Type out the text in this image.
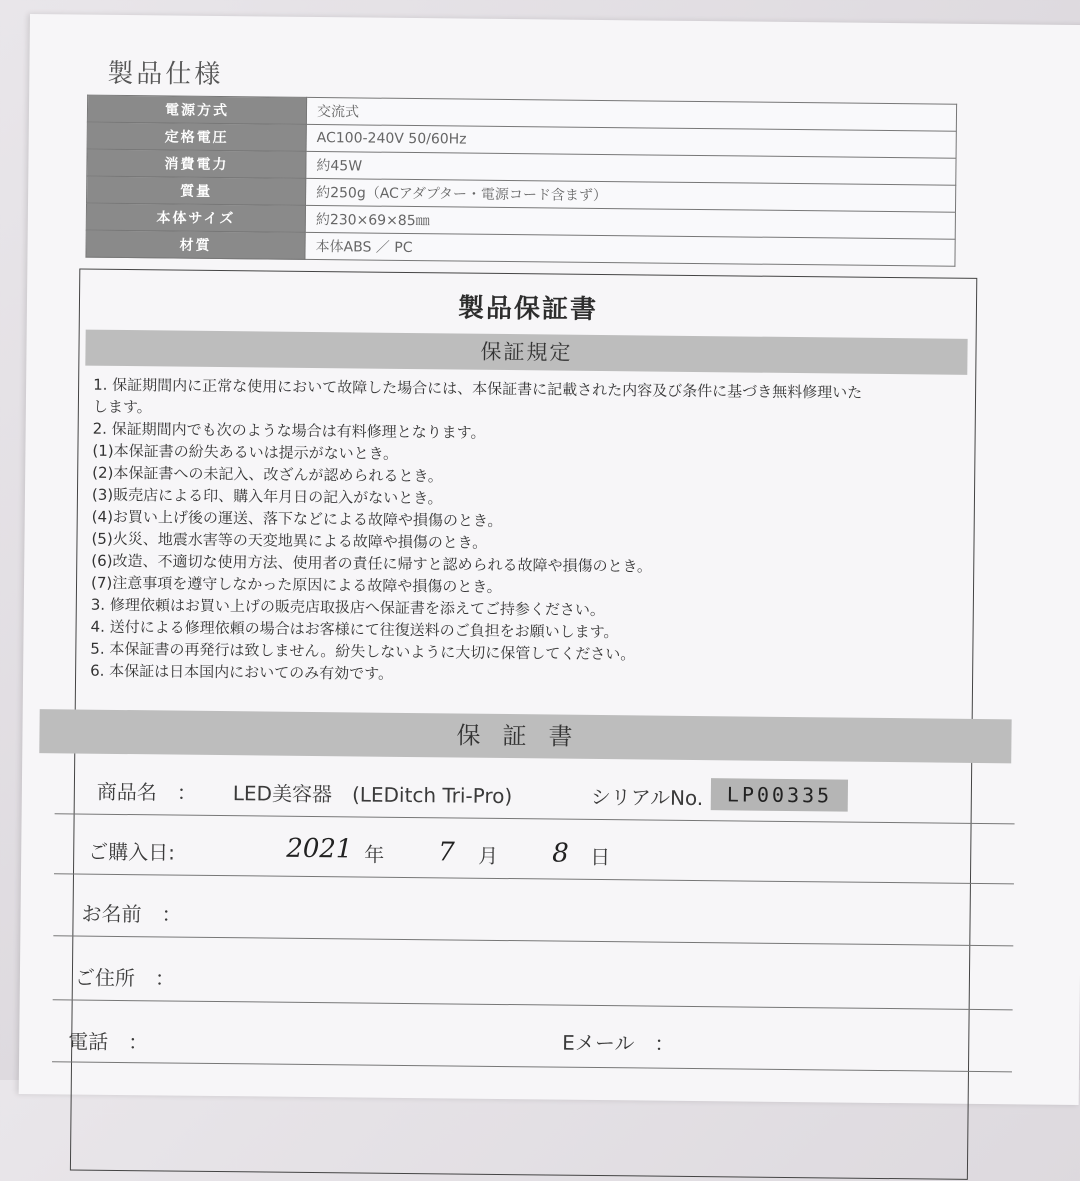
製品仕様
電源方式	交流式
定格電圧	AC100-240V 50/60Hz
消費電力	約45W
質量	約250g（ACアダプター・電源コード含まず）
本体サイズ	約230×69×85㎜
材質	本体ABS ／ PC
製品保証書
保証規定
1. 保証期間内に正常な使用において故障した場合には、本保証書に記載された内容及び条件に基づき無料修理いた
します。
2. 保証期間内でも次のような場合は有料修理となります。
(1)本保証書の紛失あるいは提示がないとき。
(2)本保証書への未記入、改ざんが認められるとき。
(3)販売店による印、購入年月日の記入がないとき。
(4)お買い上げ後の運送、落下などによる故障や損傷のとき。
(5)火災、地震水害等の天変地異による故障や損傷のとき。
(6)改造、不適切な使用方法、使用者の責任に帰すと認められる故障や損傷のとき。
(7)注意事項を遵守しなかった原因による故障や損傷のとき。
3. 修理依頼はお買い上げの販売店取扱店へ保証書を添えてご持参ください。
4. 送付による修理依頼の場合はお客様にて往復送料のご負担をお願いします。
5. 本保証書の再発行は致しません。紛失しないように大切に保管してください。
6. 本保証は日本国内においてのみ有効です。
保証書
商品名　： LED美容器　(LEDitch Tri-Pro)	シリアルNo.	LP00335
ご購入日:	2021 年 7 月 8 日
お名前　：
ご住所　：
電話　：	Eメール　：
